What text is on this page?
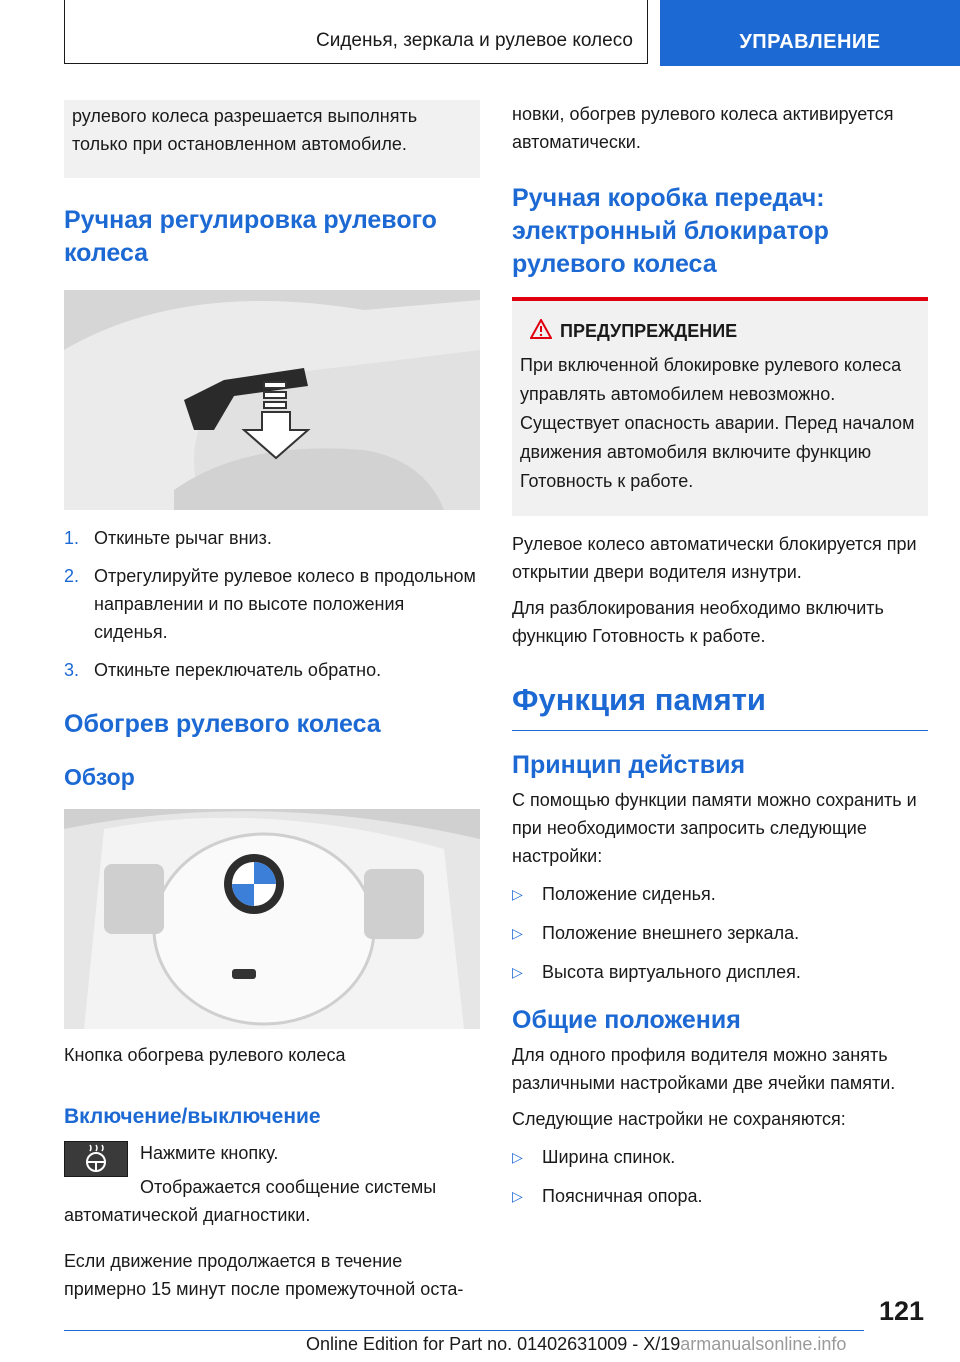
Сиденья, зеркала и рулевое колесо	УПРАВЛЕНИЕ

рулевого колеса разрешается выполнять только при остановленном автомобиле.

Ручная регулировка рулевого колеса
1. Откиньте рычаг вниз.
2. Отрегулируйте рулевое колесо в продольном направлении и по высоте положения сиденья.
3. Откиньте переключатель обратно.
Обогрев рулевого колеса
Обзор

Кнопка обогрева рулевого колеса

Включение/выключение

Нажмите кнопку.

Отображается сообщение системы автоматической диагностики.

Если движение продолжается в течение примерно 15 минут после промежуточной оста-

новки, обогрев рулевого колеса активируется автоматически.

Ручная коробка передач: электронный блокиратор рулевого колеса
ПРЕДУПРЕЖДЕНИЕ

При включенной блокировке рулевого колеса управлять автомобилем невозможно. Существует опасность аварии. Перед началом движения автомобиля включите функцию Готовность к работе.

Рулевое колесо автоматически блокируется при открытии двери водителя изнутри.

Для разблокирования необходимо включить функцию Готовность к работе.

Функция памяти
Принцип действия

С помощью функции памяти можно сохранить и при необходимости запросить следующие настройки:

▷ Положение сиденья.
▷ Положение внешнего зеркала.
▷ Высота виртуального дисплея.
Общие положения

Для одного профиля водителя можно занять различными настройками две ячейки памяти.

Следующие настройки не сохраняются:

▷ Ширина спинок.
▷ Поясничная опора.
121
Online Edition for Part no. 01402631009 - X/19armanualsonline.info
